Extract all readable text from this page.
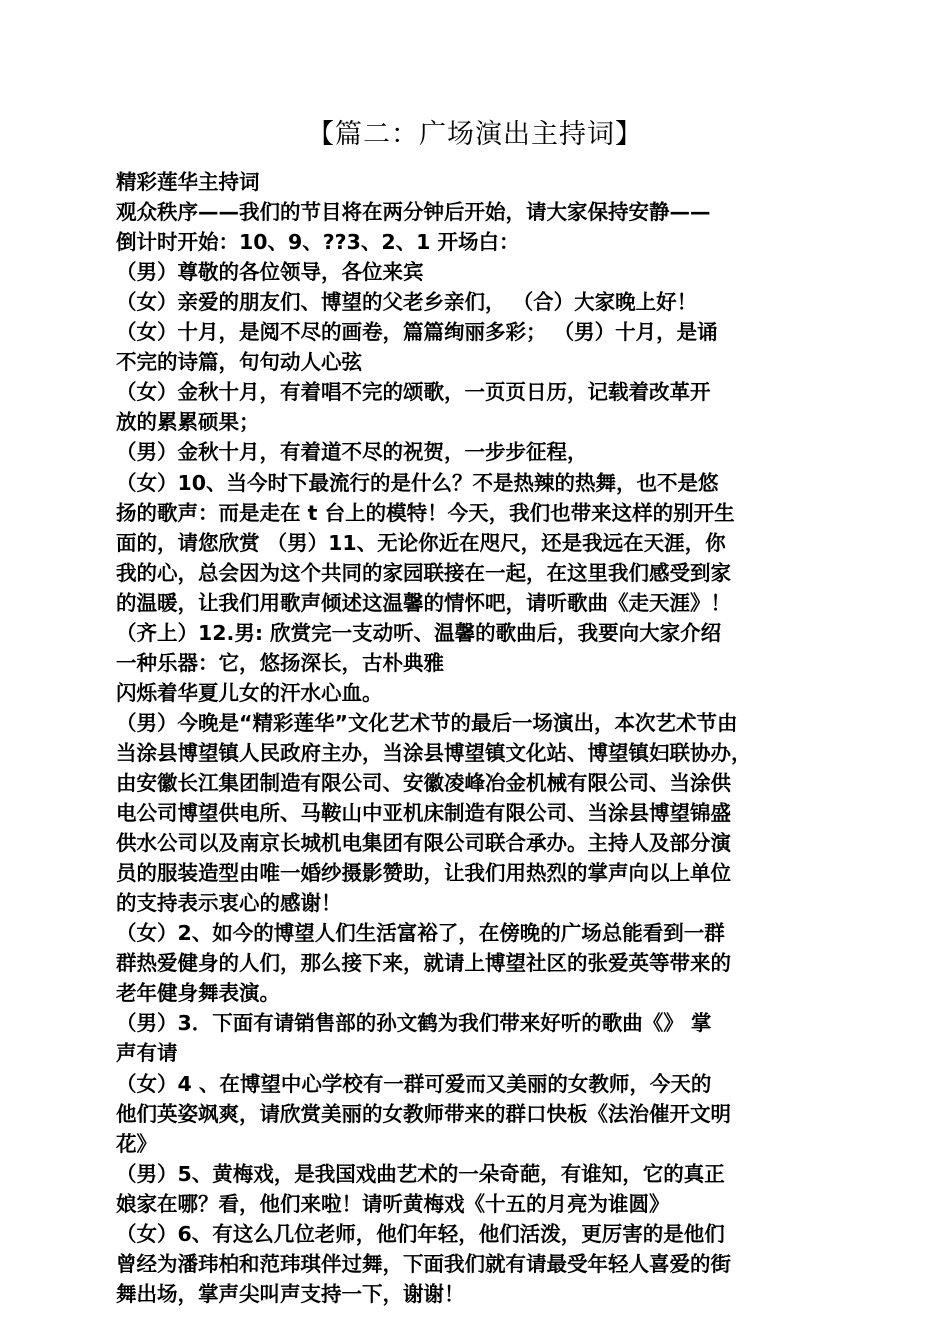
【篇二：广场演出主持词】
精彩莲华主持词
观众秩序——我们的节目将在两分钟后开始，请大家保持安静——
倒计时开始：10、9、??3、2、1 开场白：
（男）尊敬的各位领导，各位来宾
（女）亲爱的朋友们、博望的父老乡亲们， （合）大家晚上好！
（女）十月，是阅不尽的画卷，篇篇绚丽多彩； （男）十月，是诵
不完的诗篇，句句动人心弦
（女）金秋十月，有着唱不完的颂歌，一页页日历，记载着改革开
放的累累硕果；
（男）金秋十月，有着道不尽的祝贺，一步步征程，
（女）10、当今时下最流行的是什么？不是热辣的热舞，也不是悠
扬的歌声：而是走在 t 台上的模特！今天，我们也带来这样的别开生
面的，请您欣赏 （男）11、无论你近在咫尺，还是我远在天涯，你
我的心，总会因为这个共同的家园联接在一起，在这里我们感受到家
的温暖，让我们用歌声倾述这温馨的情怀吧，请听歌曲《走天涯》！
（齐上）12.男: 欣赏完一支动听、温馨的歌曲后，我要向大家介绍
一种乐器：它，悠扬深长，古朴典雅
闪烁着华夏儿女的汗水心血。
（男）今晚是“精彩莲华”文化艺术节的最后一场演出，本次艺术节由
当涂县博望镇人民政府主办，当涂县博望镇文化站、博望镇妇联协办，
由安徽长江集团制造有限公司、安徽凌峰冶金机械有限公司、当涂供
电公司博望供电所、马鞍山中亚机床制造有限公司、当涂县博望锦盛
供水公司以及南京长城机电集团有限公司联合承办。主持人及部分演
员的服装造型由唯一婚纱摄影赞助，让我们用热烈的掌声向以上单位
的支持表示衷心的感谢！
（女）2、如今的博望人们生活富裕了，在傍晚的广场总能看到一群
群热爱健身的人们，那么接下来，就请上博望社区的张爱英等带来的
老年健身舞表演。
（男）3．下面有请销售部的孙文鹤为我们带来好听的歌曲《》 掌
声有请
（女）4 、在博望中心学校有一群可爱而又美丽的女教师，今天的
他们英姿飒爽，请欣赏美丽的女教师带来的群口快板《法治催开文明
花》
（男）5、黄梅戏，是我国戏曲艺术的一朵奇葩，有谁知，它的真正
娘家在哪？看，他们来啦！请听黄梅戏《十五的月亮为谁圆》
（女）6、有这么几位老师，他们年轻，他们活泼，更厉害的是他们
曾经为潘玮柏和范玮琪伴过舞，下面我们就有请最受年轻人喜爱的街
舞出场，掌声尖叫声支持一下，谢谢！
